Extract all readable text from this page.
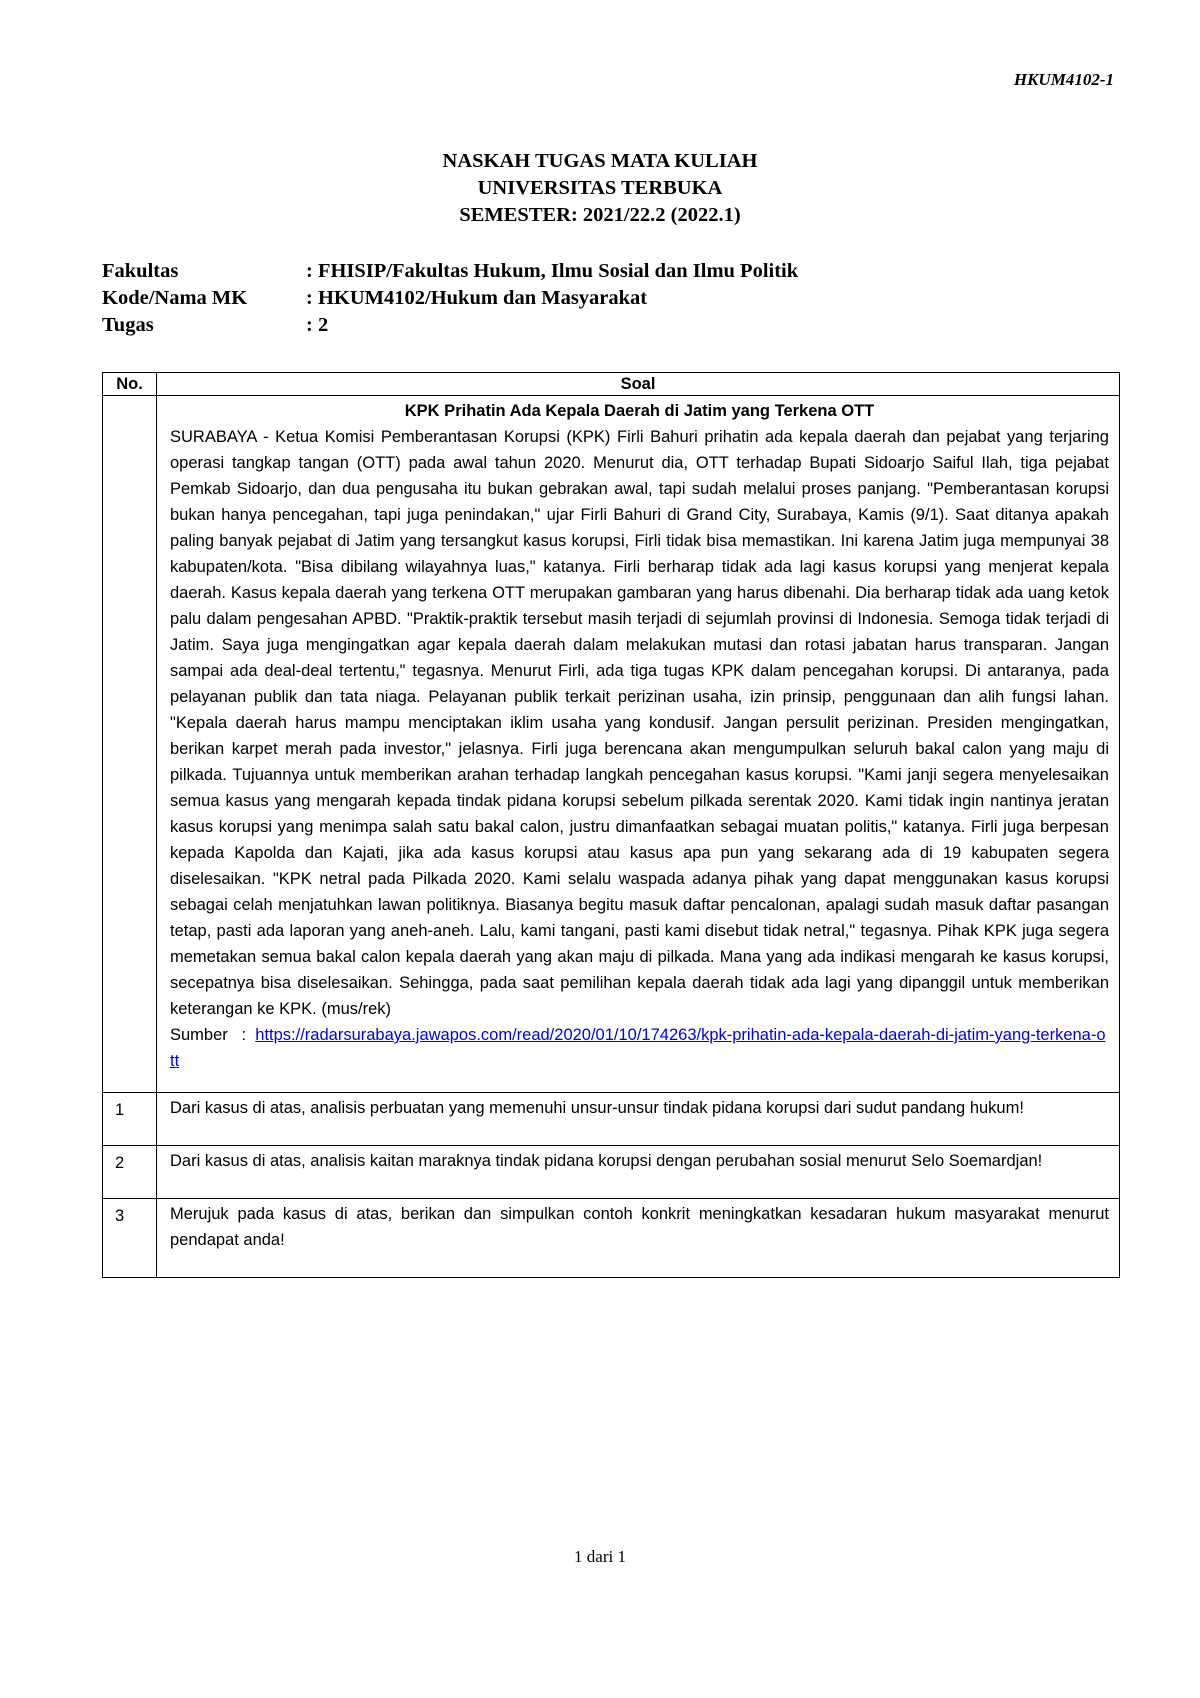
HKUM4102-1
NASKAH TUGAS MATA KULIAH
UNIVERSITAS TERBUKA
SEMESTER: 2021/22.2 (2022.1)
Fakultas	: FHISIP/Fakultas Hukum, Ilmu Sosial dan Ilmu Politik
Kode/Nama MK	: HKUM4102/Hukum dan Masyarakat
Tugas	: 2
No.	Soal

	KPK Prihatin Ada Kepala Daerah di Jatim yang Terkena OTT
SURABAYA - Ketua Komisi Pemberantasan Korupsi (KPK) Firli Bahuri prihatin ada kepala daerah dan pejabat yang terjaring operasi tangkap tangan (OTT) pada awal tahun 2020. Menurut dia, OTT terhadap Bupati Sidoarjo Saiful Ilah, tiga pejabat Pemkab Sidoarjo, dan dua pengusaha itu bukan gebrakan awal, tapi sudah melalui proses panjang. "Pemberantasan korupsi bukan hanya pencegahan, tapi juga penindakan," ujar Firli Bahuri di Grand City, Surabaya, Kamis (9/1). Saat ditanya apakah paling banyak pejabat di Jatim yang tersangkut kasus korupsi, Firli tidak bisa memastikan. Ini karena Jatim juga mempunyai 38 kabupaten/kota. "Bisa dibilang wilayahnya luas," katanya. Firli berharap tidak ada lagi kasus korupsi yang menjerat kepala daerah. Kasus kepala daerah yang terkena OTT merupakan gambaran yang harus dibenahi. Dia berharap tidak ada uang ketok palu dalam pengesahan APBD. "Praktik-praktik tersebut masih terjadi di sejumlah provinsi di Indonesia. Semoga tidak terjadi di Jatim. Saya juga mengingatkan agar kepala daerah dalam melakukan mutasi dan rotasi jabatan harus transparan. Jangan sampai ada deal-deal tertentu," tegasnya. Menurut Firli, ada tiga tugas KPK dalam pencegahan korupsi. Di antaranya, pada pelayanan publik dan tata niaga. Pelayanan publik terkait perizinan usaha, izin prinsip, penggunaan dan alih fungsi lahan. "Kepala daerah harus mampu menciptakan iklim usaha yang kondusif. Jangan persulit perizinan. Presiden mengingatkan, berikan karpet merah pada investor," jelasnya. Firli juga berencana akan mengumpulkan seluruh bakal calon yang maju di pilkada. Tujuannya untuk memberikan arahan terhadap langkah pencegahan kasus korupsi. "Kami janji segera menyelesaikan semua kasus yang mengarah kepada tindak pidana korupsi sebelum pilkada serentak 2020. Kami tidak ingin nantinya jeratan kasus korupsi yang menimpa salah satu bakal calon, justru dimanfaatkan sebagai muatan politis," katanya. Firli juga berpesan kepada Kapolda dan Kajati, jika ada kasus korupsi atau kasus apa pun yang sekarang ada di 19 kabupaten segera diselesaikan. "KPK netral pada Pilkada 2020. Kami selalu waspada adanya pihak yang dapat menggunakan kasus korupsi sebagai celah menjatuhkan lawan politiknya. Biasanya begitu masuk daftar pencalonan, apalagi sudah masuk daftar pasangan tetap, pasti ada laporan yang aneh-aneh. Lalu, kami tangani, pasti kami disebut tidak netral," tegasnya. Pihak KPK juga segera memetakan semua bakal calon kepala daerah yang akan maju di pilkada. Mana yang ada indikasi mengarah ke kasus korupsi, secepatnya bisa diselesaikan. Sehingga, pada saat pemilihan kepala daerah tidak ada lagi yang dipanggil untuk memberikan keterangan ke KPK. (mus/rek)
Sumber   :  https://radarsurabaya.jawapos.com/read/2020/01/10/174263/kpk-prihatin-ada-kepala-daerah-di-jatim-yang-terkena-ott

1	Dari kasus di atas, analisis perbuatan yang memenuhi unsur-unsur tindak pidana korupsi dari sudut pandang hukum!
2	Dari kasus di atas, analisis kaitan maraknya tindak pidana korupsi dengan perubahan sosial menurut Selo Soemardjan!
3	Merujuk pada kasus di atas, berikan dan simpulkan contoh konkrit meningkatkan kesadaran hukum masyarakat menurut pendapat anda!
1 dari 1
